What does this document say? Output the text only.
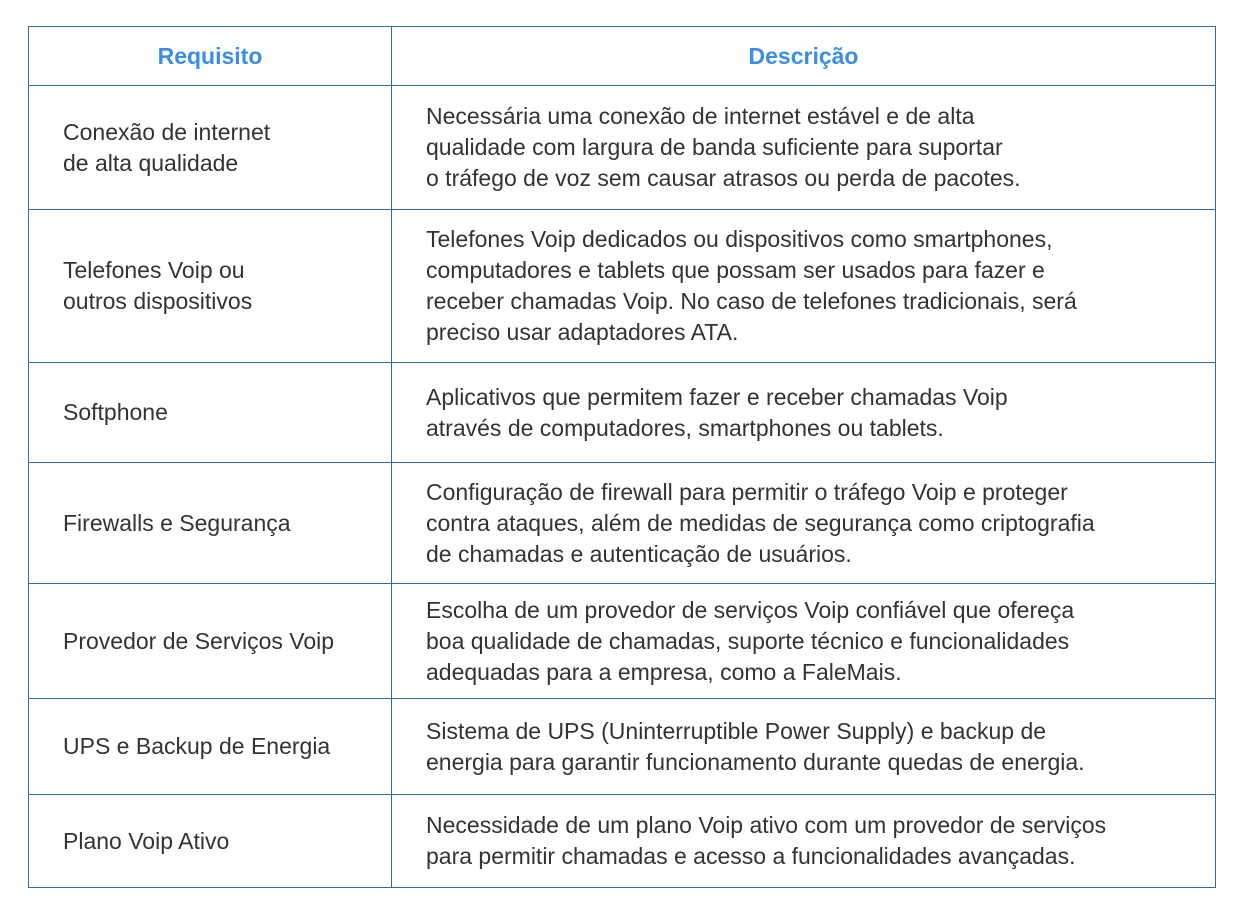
Requisito	Descrição

Conexão de internet
de alta qualidade	Necessária uma conexão de internet estável e de alta
qualidade com largura de banda suficiente para suportar
o tráfego de voz sem causar atrasos ou perda de pacotes.

Telefones Voip ou
outros dispositivos	Telefones Voip dedicados ou dispositivos como smartphones,
computadores e tablets que possam ser usados para fazer e
receber chamadas Voip. No caso de telefones tradicionais, será
preciso usar adaptadores ATA.

Softphone	Aplicativos que permitem fazer e receber chamadas Voip
através de computadores, smartphones ou tablets.

Firewalls e Segurança	Configuração de firewall para permitir o tráfego Voip e proteger
contra ataques, além de medidas de segurança como criptografia
de chamadas e autenticação de usuários.

Provedor de Serviços Voip	Escolha de um provedor de serviços Voip confiável que ofereça
boa qualidade de chamadas, suporte técnico e funcionalidades
adequadas para a empresa, como a FaleMais.

UPS e Backup de Energia	Sistema de UPS (Uninterruptible Power Supply) e backup de
energia para garantir funcionamento durante quedas de energia.

Plano Voip Ativo	Necessidade de um plano Voip ativo com um provedor de serviços
para permitir chamadas e acesso a funcionalidades avançadas.
